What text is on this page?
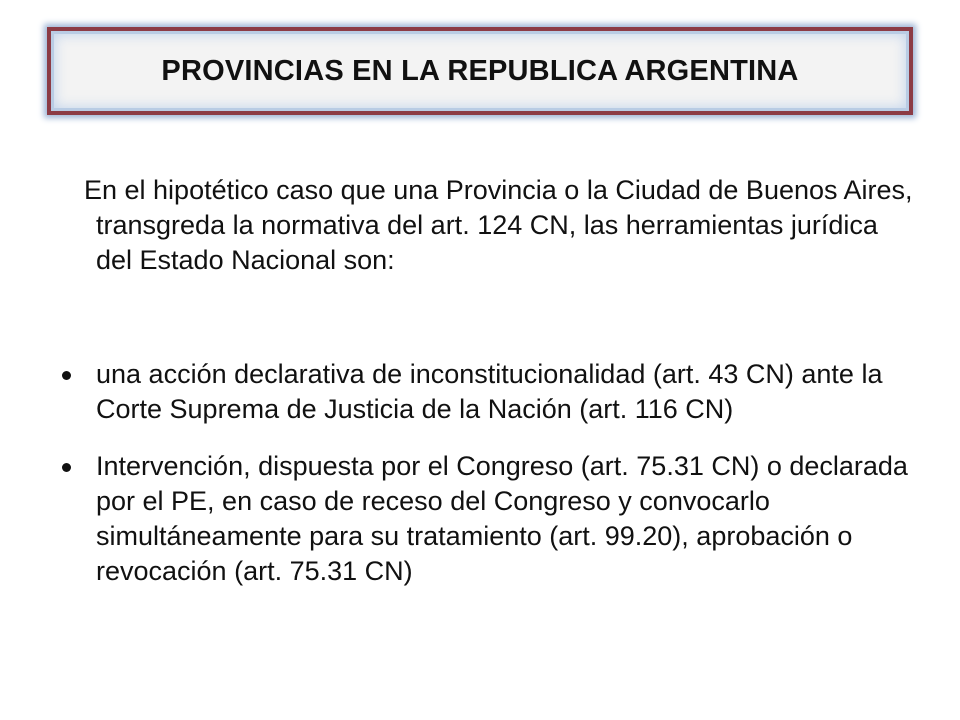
PROVINCIAS EN LA REPUBLICA ARGENTINA
En el hipotético caso que una Provincia o la Ciudad de Buenos Aires, transgreda la normativa del art. 124 CN, las herramientas jurídica del Estado Nacional son:
una acción declarativa de inconstitucionalidad (art. 43 CN) ante la Corte Suprema de Justicia de la Nación (art. 116 CN)
Intervención, dispuesta por el Congreso (art. 75.31 CN) o declarada por el PE, en caso de receso del Congreso y convocarlo simultáneamente para su tratamiento (art. 99.20), aprobación o revocación (art. 75.31 CN)
